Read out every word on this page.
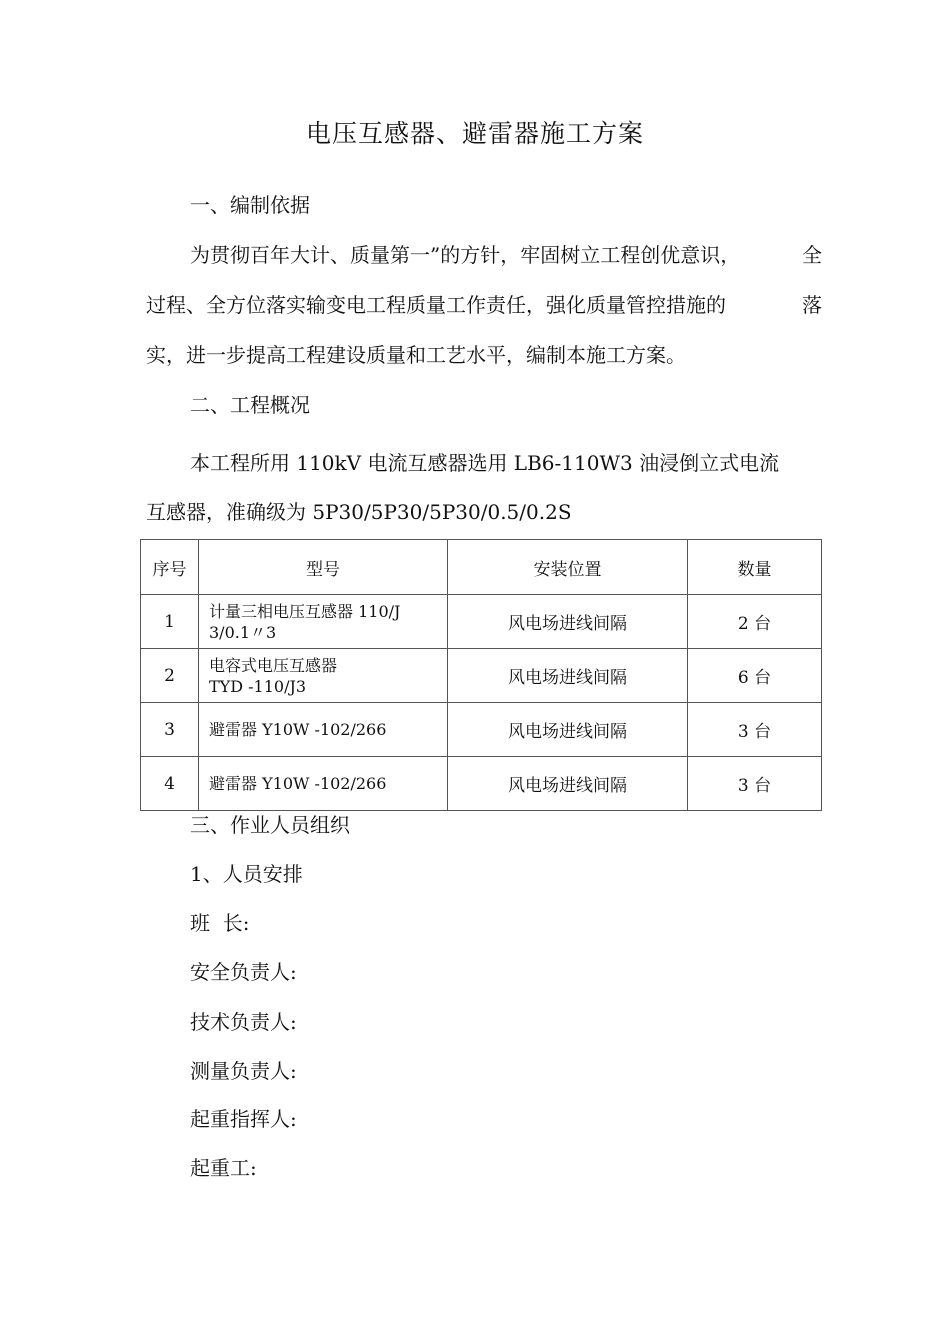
电压互感器、避雷器施工方案
一、编制依据
为贯彻百年大计、质量第一”的方针，牢固树立工程创优意识，	全
过程、全方位落实输变电工程质量工作责任，强化质量管控措施的	落
实，进一步提高工程建设质量和工艺水平，编制本施工方案。
二、工程概况
本工程所用 110kV 电流互感器选用 LB6-110W3 油浸倒立式电流
互感器，准确级为 5P30/5P30/5P30/0.5/0.2S
序号	型号	安装位置	数量
1	计量三相电压互感器 110/J
3/0.1〃3	风电场进线间隔	2 台
2	电容式电压互感器
TYD -110/J3	风电场进线间隔	6 台
3	避雷器 Y10W -102/266	风电场进线间隔	3 台
4	避雷器 Y10W -102/266	风电场进线间隔	3 台
三、作业人员组织
1、人员安排
班  长:
安全负责人:
技术负责人:
测量负责人:
起重指挥人:
起重工:
